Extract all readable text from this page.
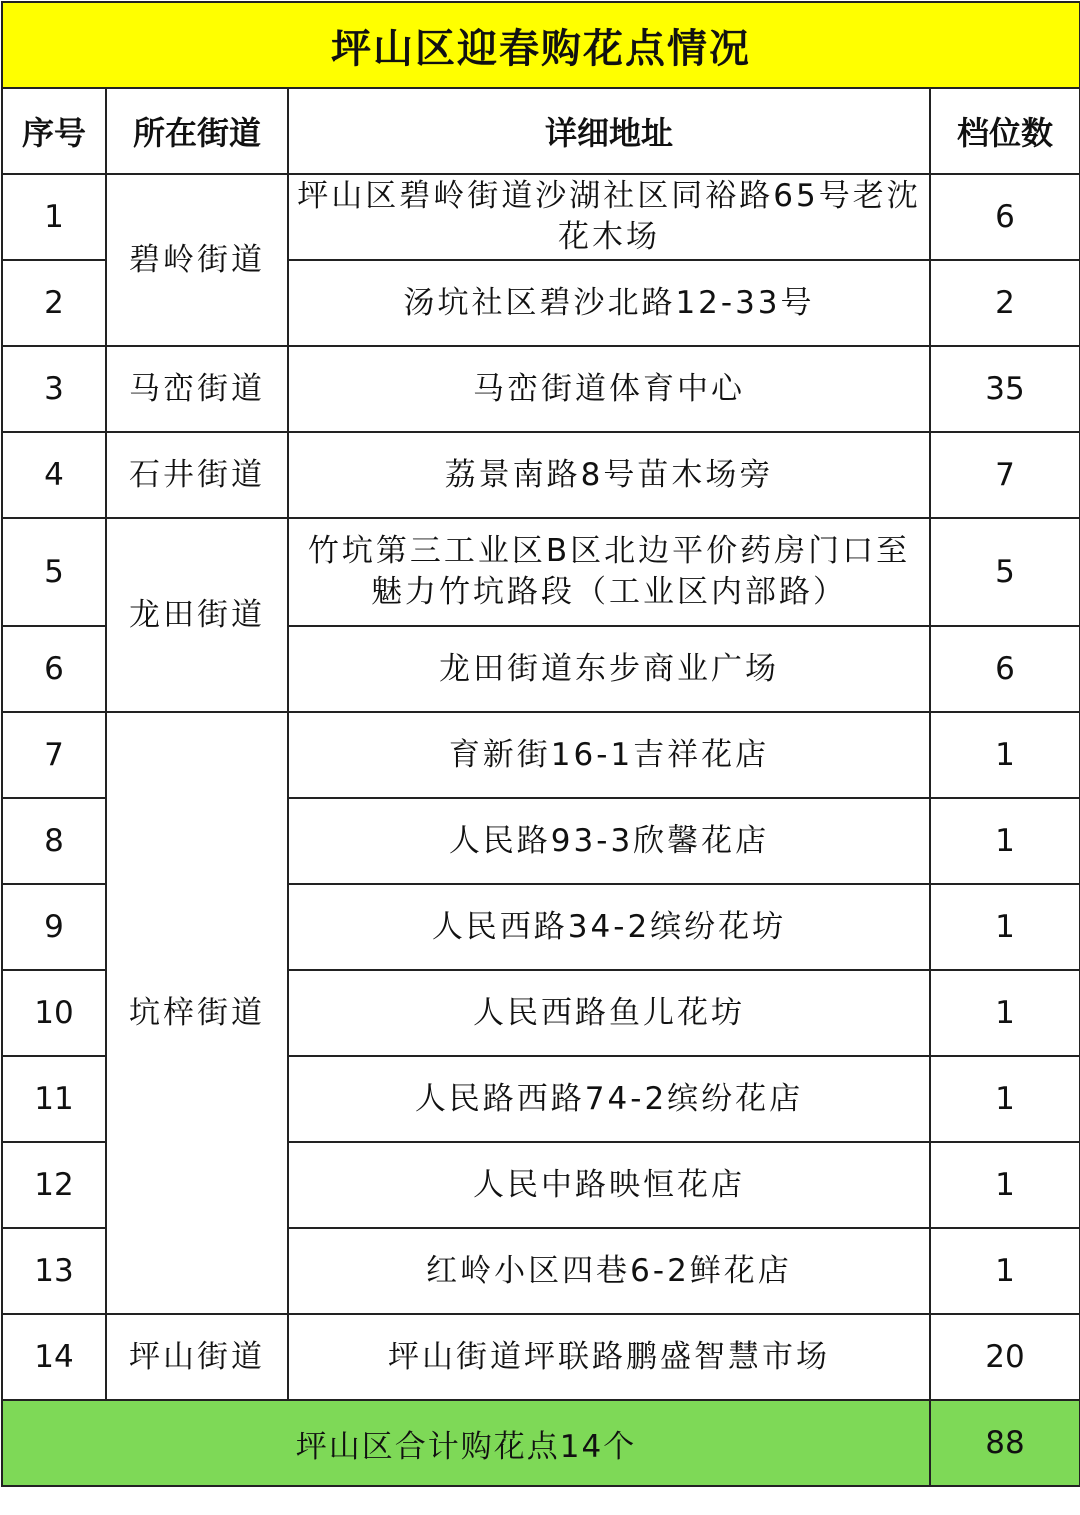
坪山区迎春购花点情况			
序号	所在街道	详细地址	档位数
1	碧岭街道	坪山区碧岭街道沙湖社区同裕路65号老沈花木场	6
2		汤坑社区碧沙北路12-33号	2
3	马峦街道	马峦街道体育中心	35
4	石井街道	荔景南路8号苗木场旁	7
5	龙田街道	竹坑第三工业区B区北边平价药房门口至魅力竹坑路段（工业区内部路）	5
6		龙田街道东步商业广场	6
7	坑梓街道	育新街16-1吉祥花店	1
8		人民路93-3欣馨花店	1
9		人民西路34-2缤纷花坊	1
10		人民西路鱼儿花坊	1
11		人民路西路74-2缤纷花店	1
12		人民中路映恒花店	1
13		红岭小区四巷6-2鲜花店	1
14	坪山街道	坪山街道坪联路鹏盛智慧市场	20
坪山区合计购花点14个			88
